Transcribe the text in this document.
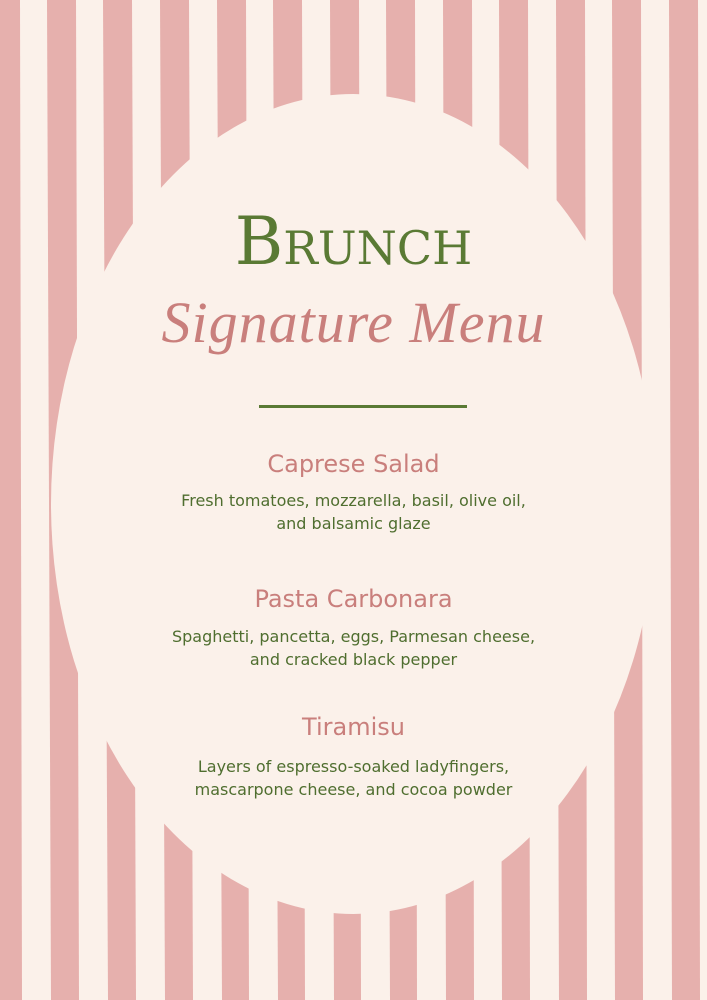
Brunch
Signature Menu
Caprese Salad
Fresh tomatoes, mozzarella, basil, olive oil,
and balsamic glaze
Pasta Carbonara
Spaghetti, pancetta, eggs, Parmesan cheese,
and cracked black pepper
Tiramisu
Layers of espresso-soaked ladyfingers,
mascarpone cheese, and cocoa powder
